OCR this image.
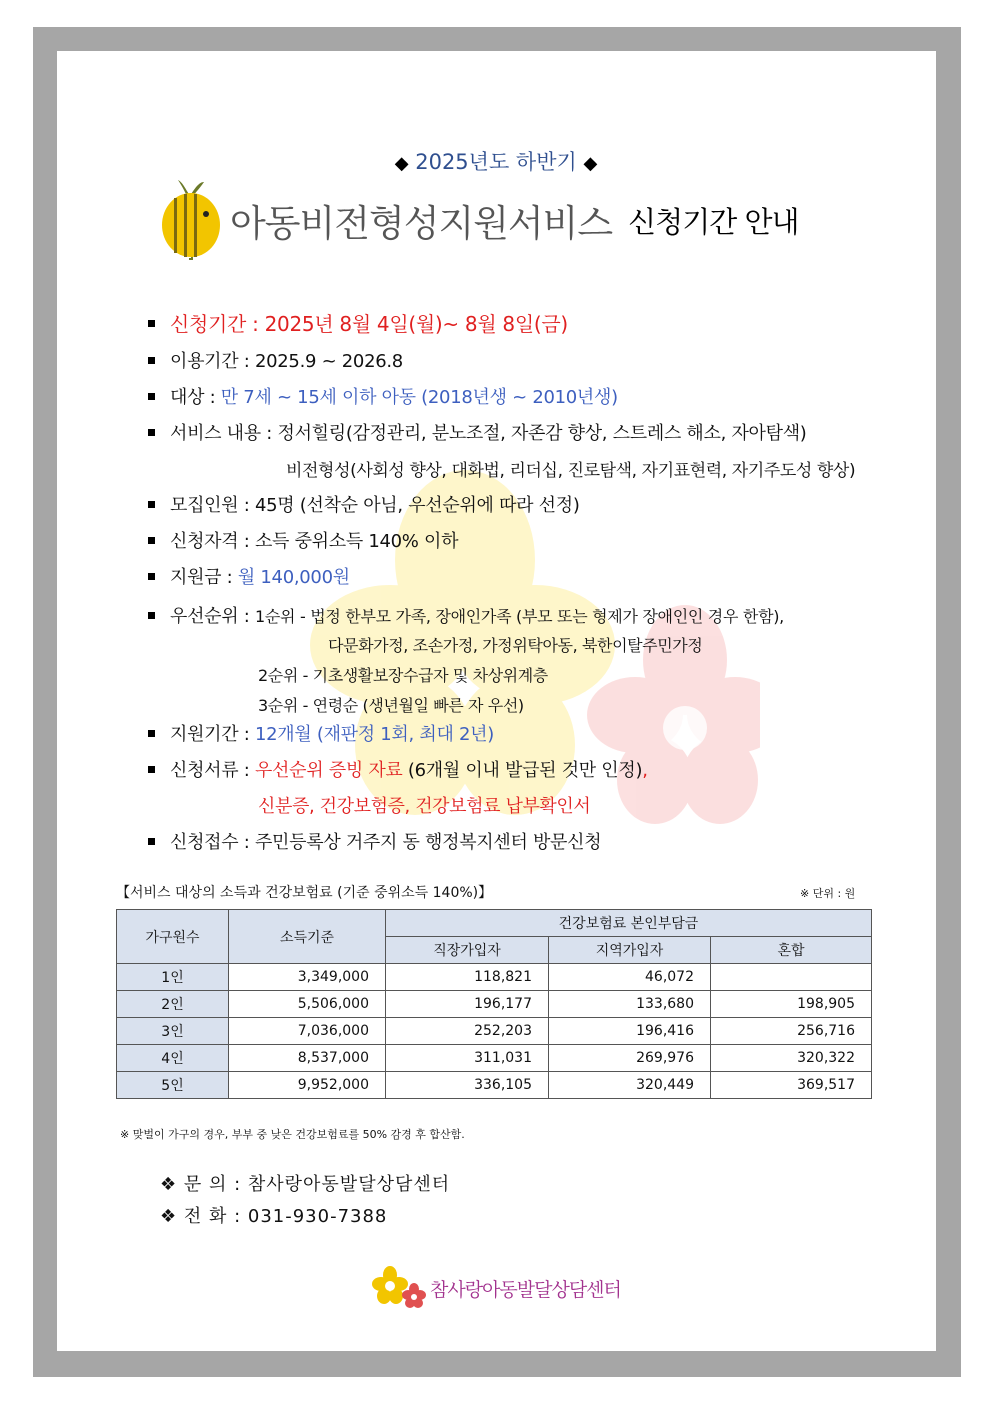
◆ 2025년도 하반기 ◆
아동비전형성지원서비스 신청기간 안내
신청기간 : 2025년 8월 4일(월)~ 8월 8일(금)
이용기간 : 2025.9 ~ 2026.8
대상 : 만 7세 ~ 15세 이하 아동 (2018년생 ~ 2010년생)
서비스 내용 : 정서힐링(감정관리, 분노조절, 자존감 향상, 스트레스 해소, 자아탐색)
비전형성(사회성 향상, 대화법, 리더십, 진로탐색, 자기표현력, 자기주도성 향상)
모집인원 : 45명 (선착순 아님, 우선순위에 따라 선정)
신청자격 : 소득 중위소득 140% 이하
지원금 : 월 140,000원
우선순위 : 1순위 - 법정 한부모 가족, 장애인가족 (부모 또는 형제가 장애인인 경우 한함),
다문화가정, 조손가정, 가정위탁아동, 북한이탈주민가정
2순위 - 기초생활보장수급자 및 차상위계층
3순위 - 연령순 (생년월일 빠른 자 우선)
지원기간 : 12개월 (재판정 1회, 최대 2년)
신청서류 : 우선순위 증빙 자료 (6개월 이내 발급된 것만 인정),
신분증, 건강보험증, 건강보험료 납부확인서
신청접수 : 주민등록상 거주지 동 행정복지센터 방문신청
【서비스 대상의 소득과 건강보험료 (기준 중위소득 140%)】	※ 단위 : 원
가구원수	소득기준	건강보험료 본인부담금		
		직장가입자	지역가입자	혼합
1인	3,349,000	118,821	46,072	
2인	5,506,000	196,177	133,680	198,905
3인	7,036,000	252,203	196,416	256,716
4인	8,537,000	311,031	269,976	320,322
5인	9,952,000	336,105	320,449	369,517
※ 맞벌이 가구의 경우, 부부 중 낮은 건강보험료를 50% 감경 후 합산함.
❖ 문 의 : 참사랑아동발달상담센터
❖ 전 화 : 031-930-7388
참사랑아동발달상담센터
